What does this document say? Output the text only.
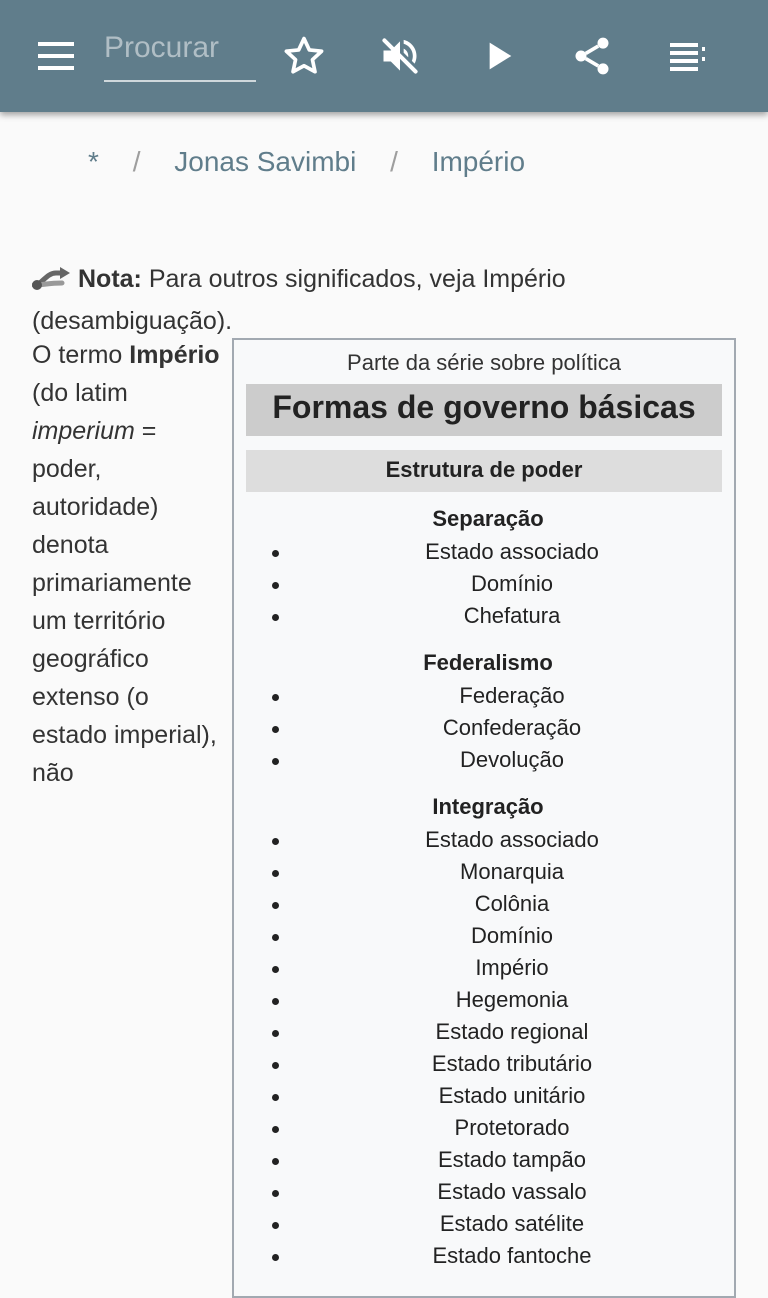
Procurar
* / Jonas Savimbi / Império
Nota: Para outros significados, veja Império (desambiguação).
O termo Império (do latim imperium = poder, autoridade) denota primariamente um território geográfico extenso (o estado imperial), não
Parte da série sobre política
Formas de governo básicas
Estrutura de poder
Separação
Estado associado
Domínio
Chefatura
Federalismo
Federação
Confederação
Devolução
Integração
Estado associado
Monarquia
Colônia
Domínio
Império
Hegemonia
Estado regional
Estado tributário
Estado unitário
Protetorado
Estado tampão
Estado vassalo
Estado satélite
Estado fantoche
